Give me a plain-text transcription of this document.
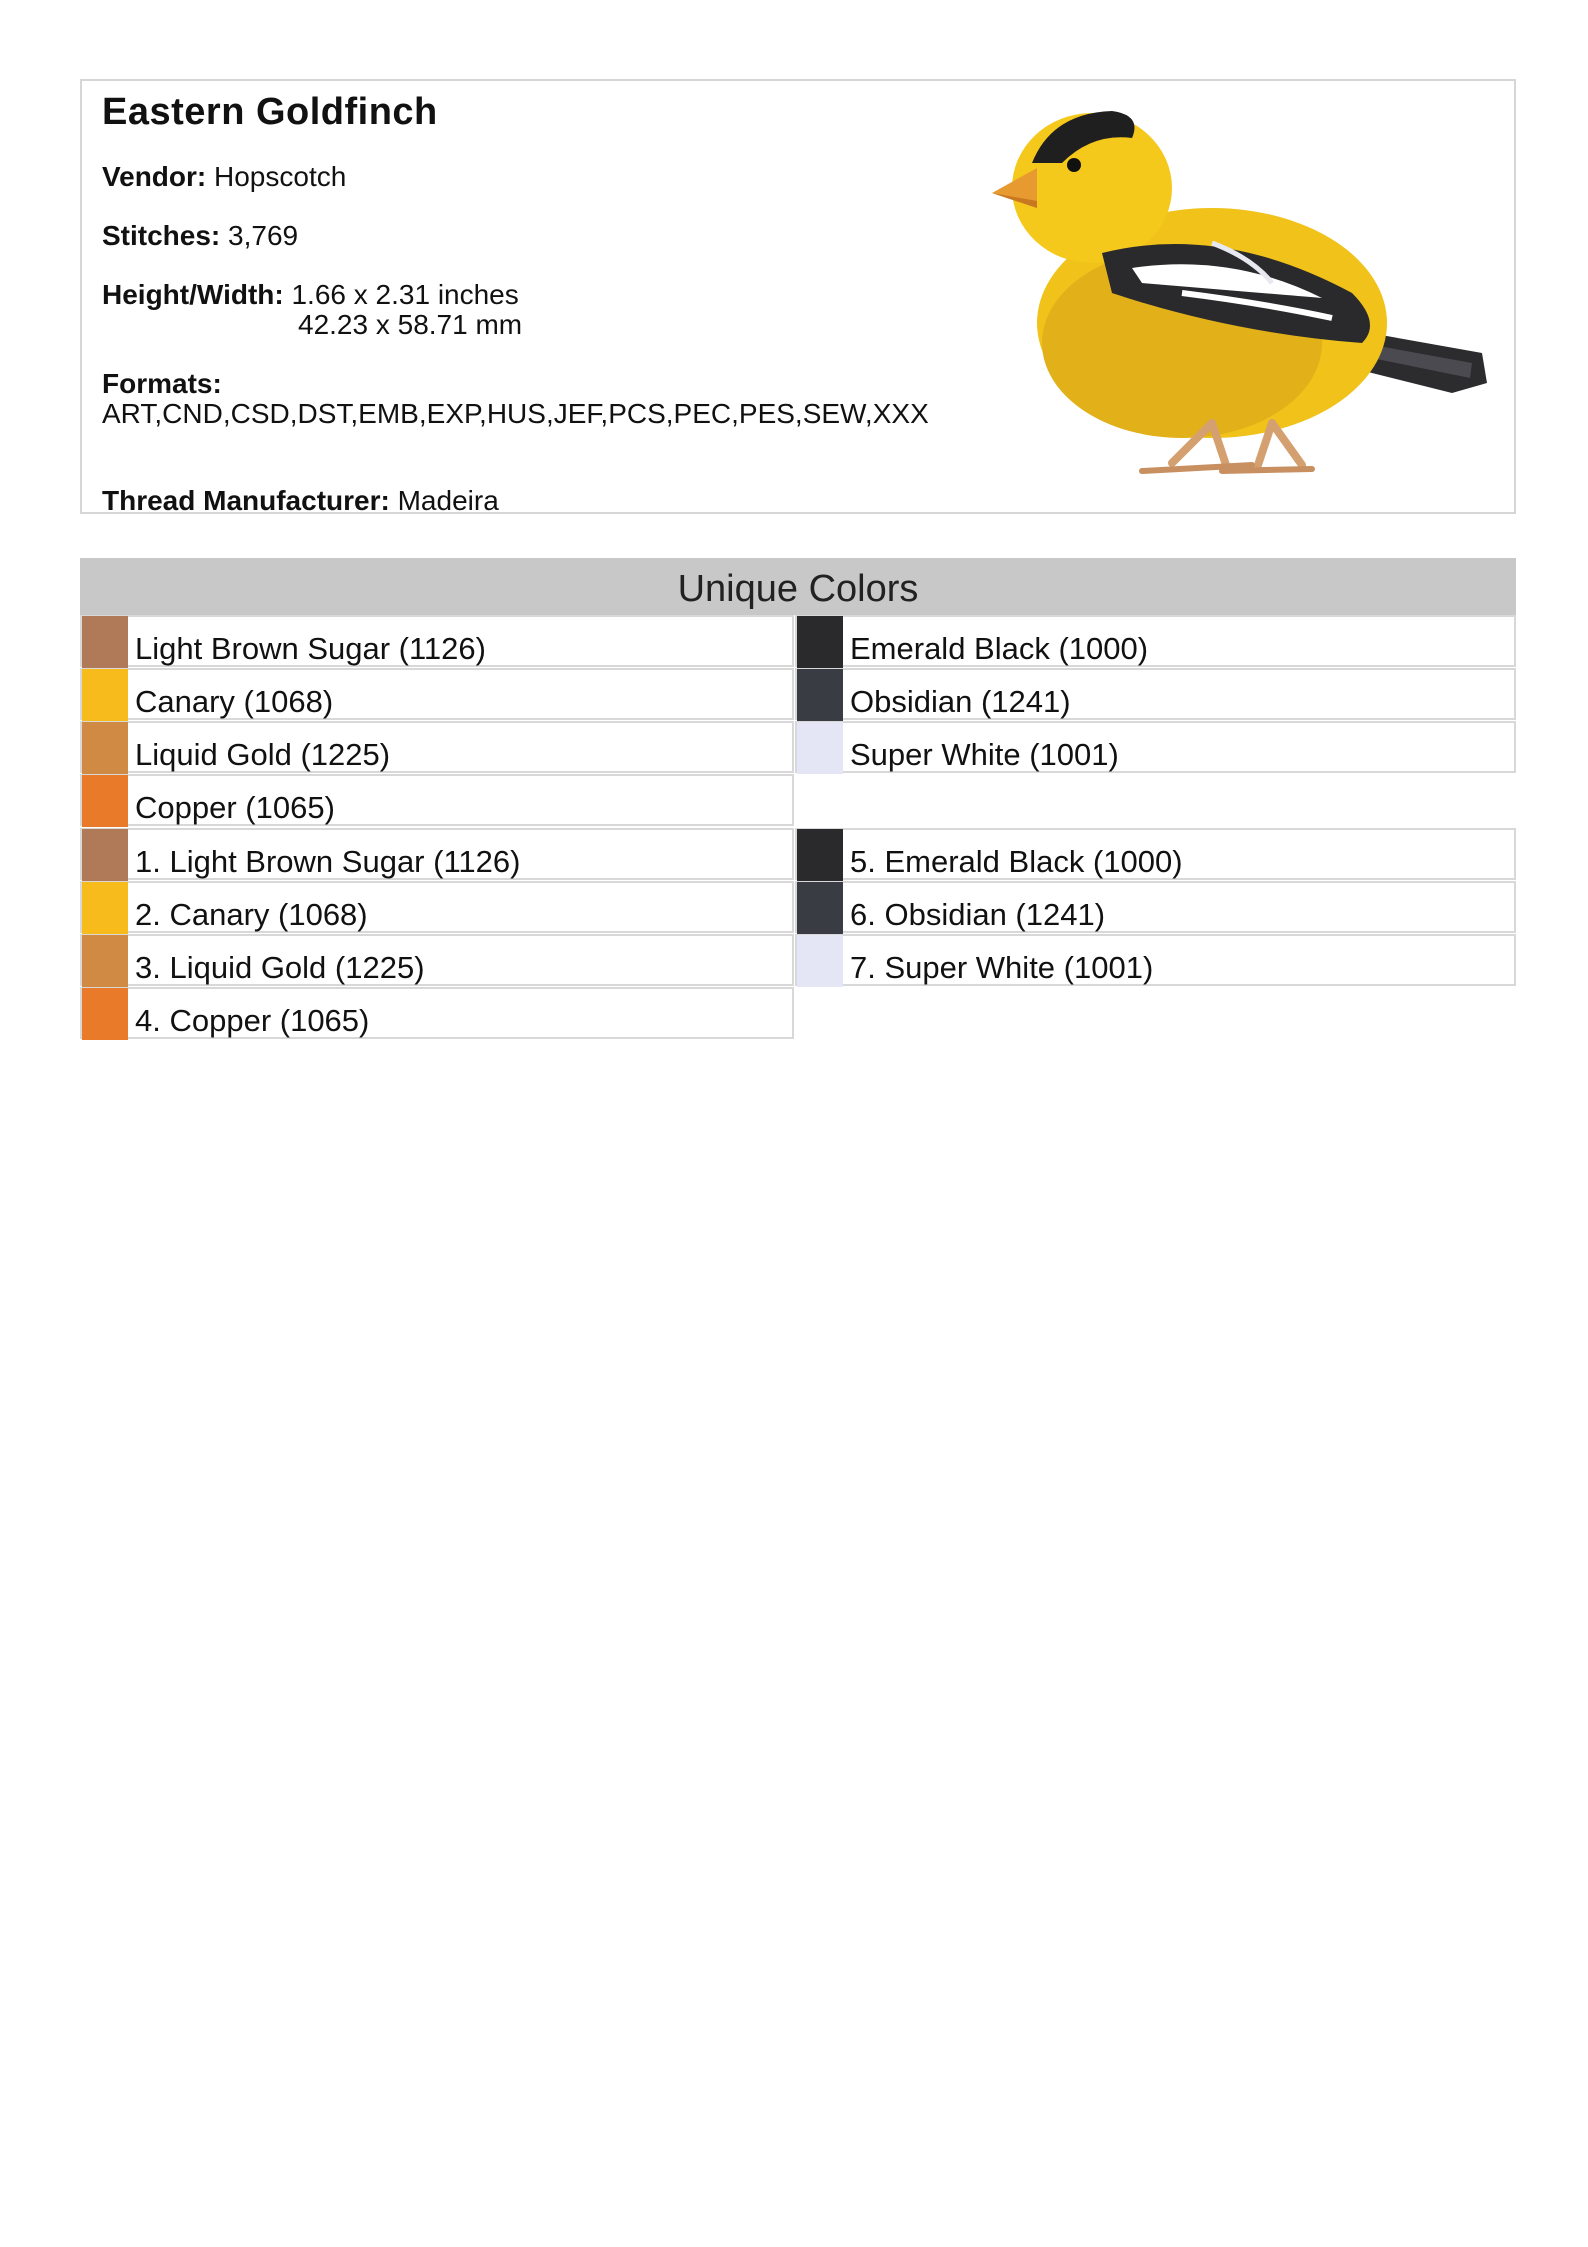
Eastern Goldfinch
Vendor: Hopscotch
Stitches: 3,769
Height/Width: 1.66 x 2.31 inches
42.23 x 58.71 mm
Formats:
ART,CND,CSD,DST,EMB,EXP,HUS,JEF,PCS,PEC,PES,SEW,XXX
Thread Manufacturer: Madeira
Unique Colors
Light Brown Sugar (1126)
Canary (1068)
Liquid Gold (1225)
Copper (1065)
Emerald Black (1000)
Obsidian (1241)
Super White (1001)
1. Light Brown Sugar (1126)
2. Canary (1068)
3. Liquid Gold (1225)
4. Copper (1065)
5. Emerald Black (1000)
6. Obsidian (1241)
7. Super White (1001)
